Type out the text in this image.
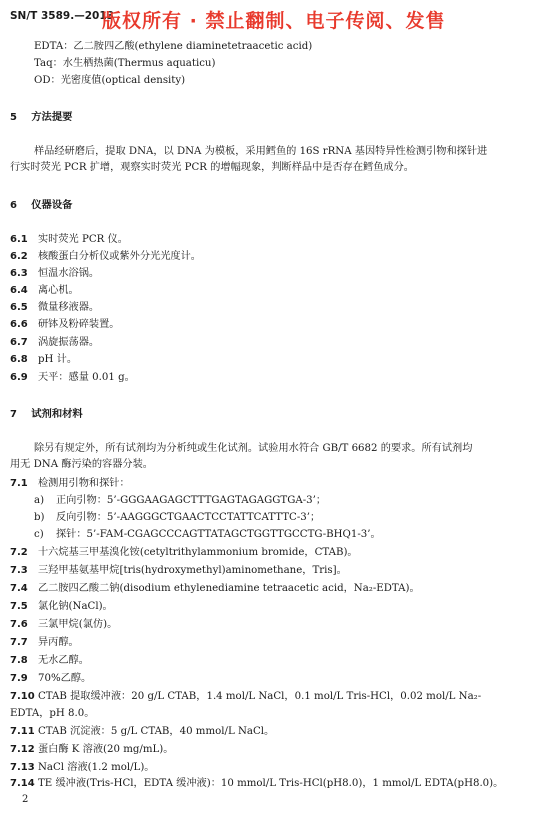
SN/T 3589.—2013
版权所有 · 禁止翻制、电子传阅、发售
EDTA：乙二胺四乙酸(ethylene diaminetetraacetic acid)
Taq：水生栖热菌(Thermus aquaticu)
OD：光密度值(optical density)
5 方法提要
样品经研磨后，提取 DNA，以 DNA 为模板，采用鳕鱼的 16S rRNA 基因特异性检测引物和探针进
行实时荧光 PCR 扩增，观察实时荧光 PCR 的增幅现象，判断样品中是否存在鳕鱼成分。
6 仪器设备
6.1 实时荧光 PCR 仪。
6.2 核酸蛋白分析仪或紫外分光光度计。
6.3 恒温水浴锅。
6.4 离心机。
6.5 微量移液器。
6.6 研钵及粉碎装置。
6.7 涡旋振荡器。
6.8 pH 计。
6.9 天平：感量 0.01 g。
7 试剂和材料
除另有规定外，所有试剂均为分析纯或生化试剂。试验用水符合 GB/T 6682 的要求。所有试剂均
用无 DNA 酶污染的容器分装。
7.1 检测用引物和探针：
a) 正向引物：5’-GGGAAGAGCTTTGAGTAGAGGTGA-3’；
b) 反向引物：5’-AAGGGCTGAACTCCTATTCATTTC-3’；
c) 探针：5’-FAM-CGAGCCCAGTTATAGCTGGTTGCCTG-BHQ1-3’。
7.2 十六烷基三甲基溴化铵(cetyltrithylammonium bromide，CTAB)。
7.3 三羟甲基氨基甲烷[tris(hydroxymethyl)aminomethane，Tris]。
7.4 乙二胺四乙酸二钠(disodium ethylenediamine tetraacetic acid，Na₂-EDTA)。
7.5 氯化钠(NaCl)。
7.6 三氯甲烷(氯仿)。
7.7 异丙醇。
7.8 无水乙醇。
7.9 70%乙醇。
7.10 CTAB 提取缓冲液：20 g/L CTAB，1.4 mol/L NaCl，0.1 mol/L Tris-HCl，0.02 mol/L Na₂-
EDTA，pH 8.0。
7.11 CTAB 沉淀液：5 g/L CTAB，40 mmol/L NaCl。
7.12 蛋白酶 K 溶液(20 mg/mL)。
7.13 NaCl 溶液(1.2 mol/L)。
7.14 TE 缓冲液(Tris-HCl，EDTA 缓冲液)：10 mmol/L Tris-HCl(pH8.0)，1 mmol/L EDTA(pH8.0)。
2
